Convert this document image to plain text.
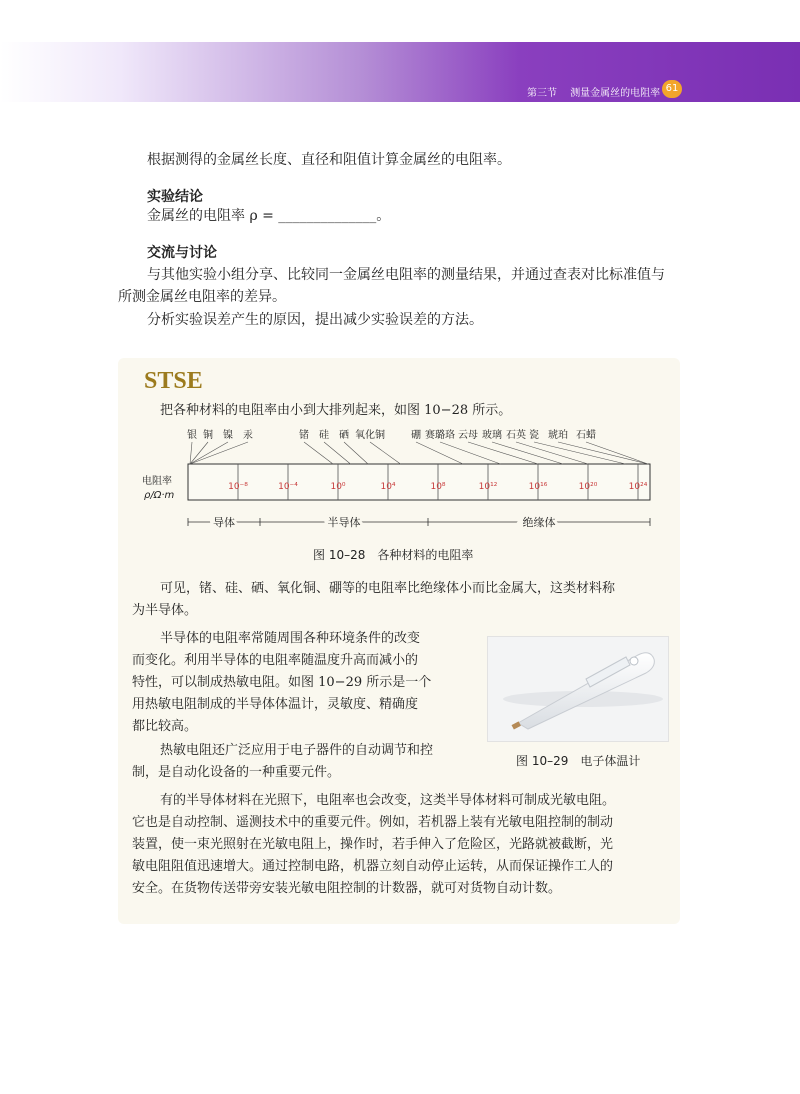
第三节 测量金属丝的电阻率 61
根据测得的金属丝长度、直径和阻值计算金属丝的电阻率。
实验结论
金属丝的电阻率 ρ = ______________。
交流与讨论
与其他实验小组分享、比较同一金属丝电阻率的测量结果，并通过查表对比标准值与
所测金属丝电阻率的差异。
分析实验误差产生的原因，提出减少实验误差的方法。
STSE
把各种材料的电阻率由小到大排列起来，如图 10−28 所示。
电阻率
ρ/Ω·m
10⁻⁸	10⁻⁴	10⁰	10⁴	10⁸	10¹²	10¹⁶	10²⁰	10²⁴
银 铜 镍 汞	锗 硅 硒 氧化铜	硼 赛璐珞 云母 玻璃 石英 瓷 琥珀 石蜡
导体	半导体	绝缘体
图 10–28　各种材料的电阻率
可见，锗、硅、硒、氧化铜、硼等的电阻率比绝缘体小而比金属大，这类材料称
为半导体。
半导体的电阻率常随周围各种环境条件的改变
而变化。利用半导体的电阻率随温度升高而减小的
特性，可以制成热敏电阻。如图 10−29 所示是一个
用热敏电阻制成的半导体体温计，灵敏度、精确度
都比较高。
热敏电阻还广泛应用于电子器件的自动调节和控
制，是自动化设备的一种重要元件。
图 10–29　电子体温计
有的半导体材料在光照下，电阻率也会改变，这类半导体材料可制成光敏电阻。
它也是自动控制、遥测技术中的重要元件。例如，若机器上装有光敏电阻控制的制动
装置，使一束光照射在光敏电阻上，操作时，若手伸入了危险区，光路就被截断，光
敏电阻阻值迅速增大。通过控制电路，机器立刻自动停止运转，从而保证操作工人的
安全。在货物传送带旁安装光敏电阻控制的计数器，就可对货物自动计数。
